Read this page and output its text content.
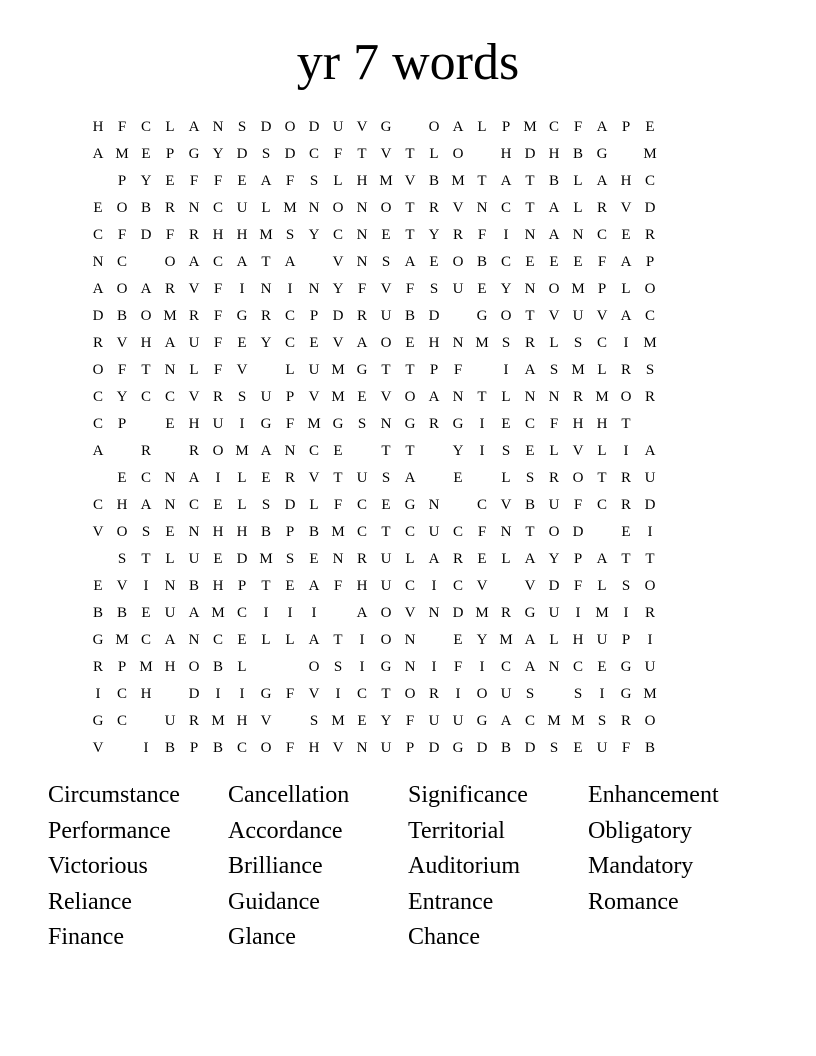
yr 7 words
H F C L A N S D O D U V G	O A L	P M C F A P	E
A M E	P G Y D S D C F	T V T L O	H D H B G	M
P Y E	F	F	E A F	S	L H M V B M T A T B L A H C
E O B R N C U L M N O N O T R V N C T A L R V D
C F D F R H H M S Y C N E T Y R F	I	N A N C E R
N C	O A C A T A	V N S A E O B C E E E	F A P
A O A R V F	I	N	I	N Y F V F	S U E Y N O M P	L O
D B O M R F G R C P D R U B D	G O T V U V A C
R V H A U F	E Y C E V A O E H N M S R L	S C	I M
O F	T N L	F V	L U M G T T	P	F	I	A S M L R S
C Y C C V R S U P V M E V O A N T L N N R M O R
C P	E H U	I	G F M G S N G R G	I	E C F H H T
A	R	R O M A N C E	T T	Y	I	S	E L V L	I	A
E C N A	I	L E R V T U S A	E	L	S R O T R U
C H A N C E L	S D L	F C E G N	C V B U F C R D
V O S	E N H H B P B M C T C U C F N T O D	E	I
S	T L U E D M S	E N R U L A R E L A Y P A T T
E V	I	N B H P	T E A F H U C	I	C V	V D F	L	S O
B B E U A M C	I	I	I	A O V N D M R G U	I M I	R
G M C A N C E L L A T	I	O N	E Y M A L H U P	I
R P M H O B L	O S	I	G N	I	F	I	C A N C E G U
I	C H	D	I	I	G F V	I	C T O R	I	O U S	S	I	G M
G C	U R M H V	S M E Y F U U G A C M M S R O
V	I	B P B C O F H V N U P D G D B D S	E U F B
Circumstance
Performance
Victorious
Reliance
Finance
Cancellation
Accordance
Brilliance
Guidance
Glance
Significance
Territorial
Auditorium
Entrance
Chance
Enhancement
Obligatory
Mandatory
Romance
